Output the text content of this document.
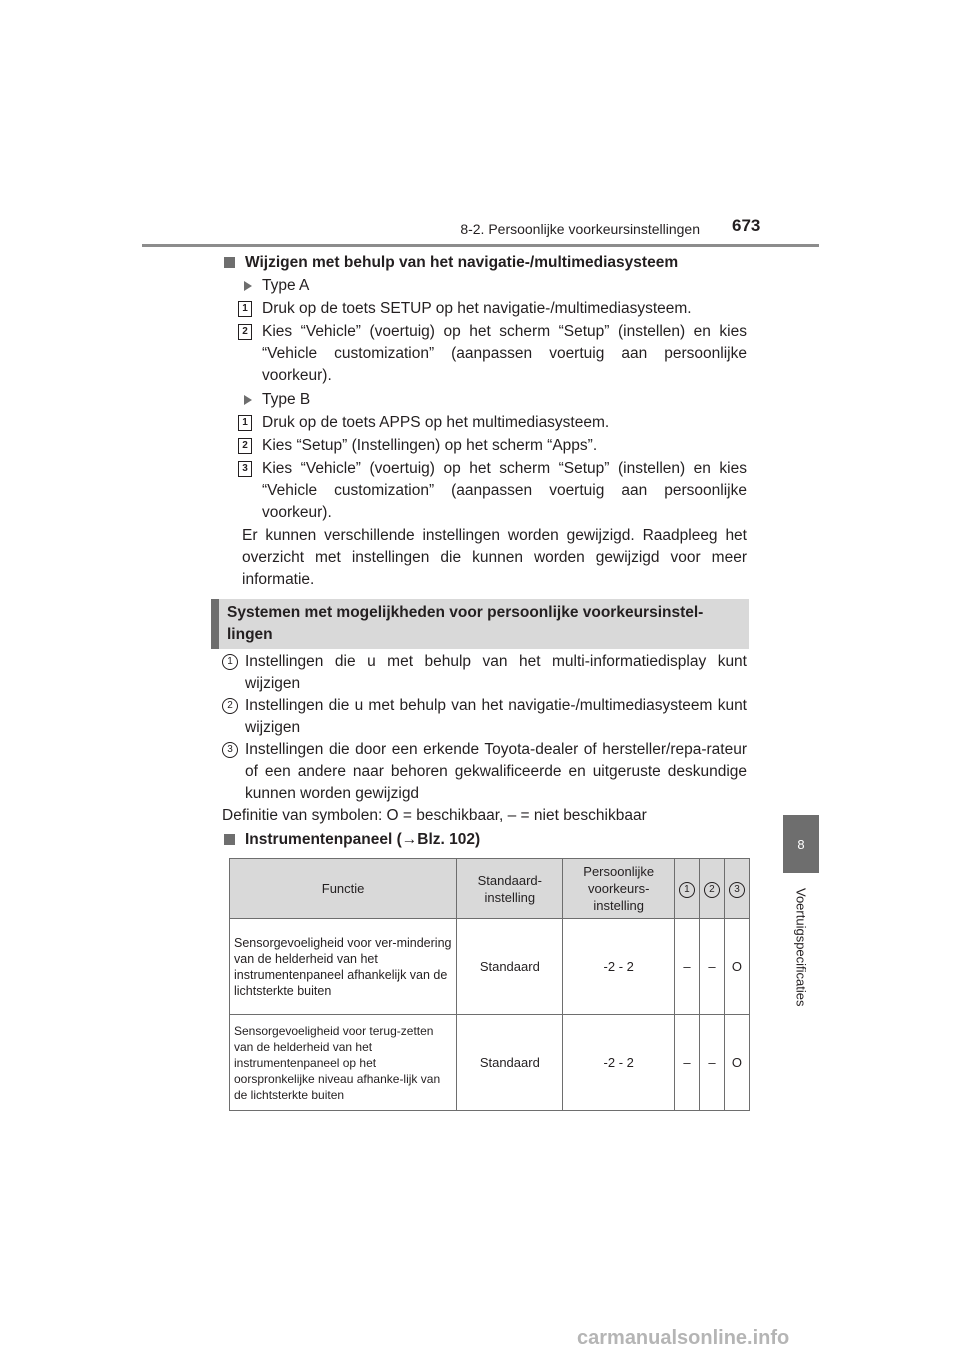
8-2. Persoonlijke voorkeursinstellingen 673
8
Voertuigspecificaties
Wijzigen met behulp van het navigatie-/multimediasysteem
Type A
1 Druk op de toets SETUP op het navigatie-/multimediasysteem.
2 Kies “Vehicle” (voertuig) op het scherm “Setup” (instellen) en kies “Vehicle customization” (aanpassen voertuig aan persoonlijke voorkeur).
Type B
1 Druk op de toets APPS op het multimediasysteem.
2 Kies “Setup” (Instellingen) op het scherm “Apps”.
3 Kies “Vehicle” (voertuig) op het scherm “Setup” (instellen) en kies “Vehicle customization” (aanpassen voertuig aan persoonlijke voorkeur).
Er kunnen verschillende instellingen worden gewijzigd. Raadpleeg het overzicht met instellingen die kunnen worden gewijzigd voor meer informatie.
Systemen met mogelijkheden voor persoonlijke voorkeursinstel-lingen
1 Instellingen die u met behulp van het multi-informatiedisplay kunt wijzigen
2 Instellingen die u met behulp van het navigatie-/multimediasysteem kunt wijzigen
3 Instellingen die door een erkende Toyota-dealer of hersteller/repa-rateur of een andere naar behoren gekwalificeerde en uitgeruste deskundige kunnen worden gewijzigd
Definitie van symbolen: O = beschikbaar, – = niet beschikbaar
Instrumentenpaneel (→Blz. 102)
Functie	Standaard-instelling	Persoonlijke voorkeurs-instelling	1	2	3
Sensorgevoeligheid voor ver-mindering van de helderheid van het instrumentenpaneel afhankelijk van de lichtsterkte buiten	Standaard	-2 - 2	–	–	O
Sensorgevoeligheid voor terug-zetten van de helderheid van het instrumentenpaneel op het oorspronkelijke niveau afhanke-lijk van de lichtsterkte buiten	Standaard	-2 - 2	–	–	O
carmanualsonline.info
